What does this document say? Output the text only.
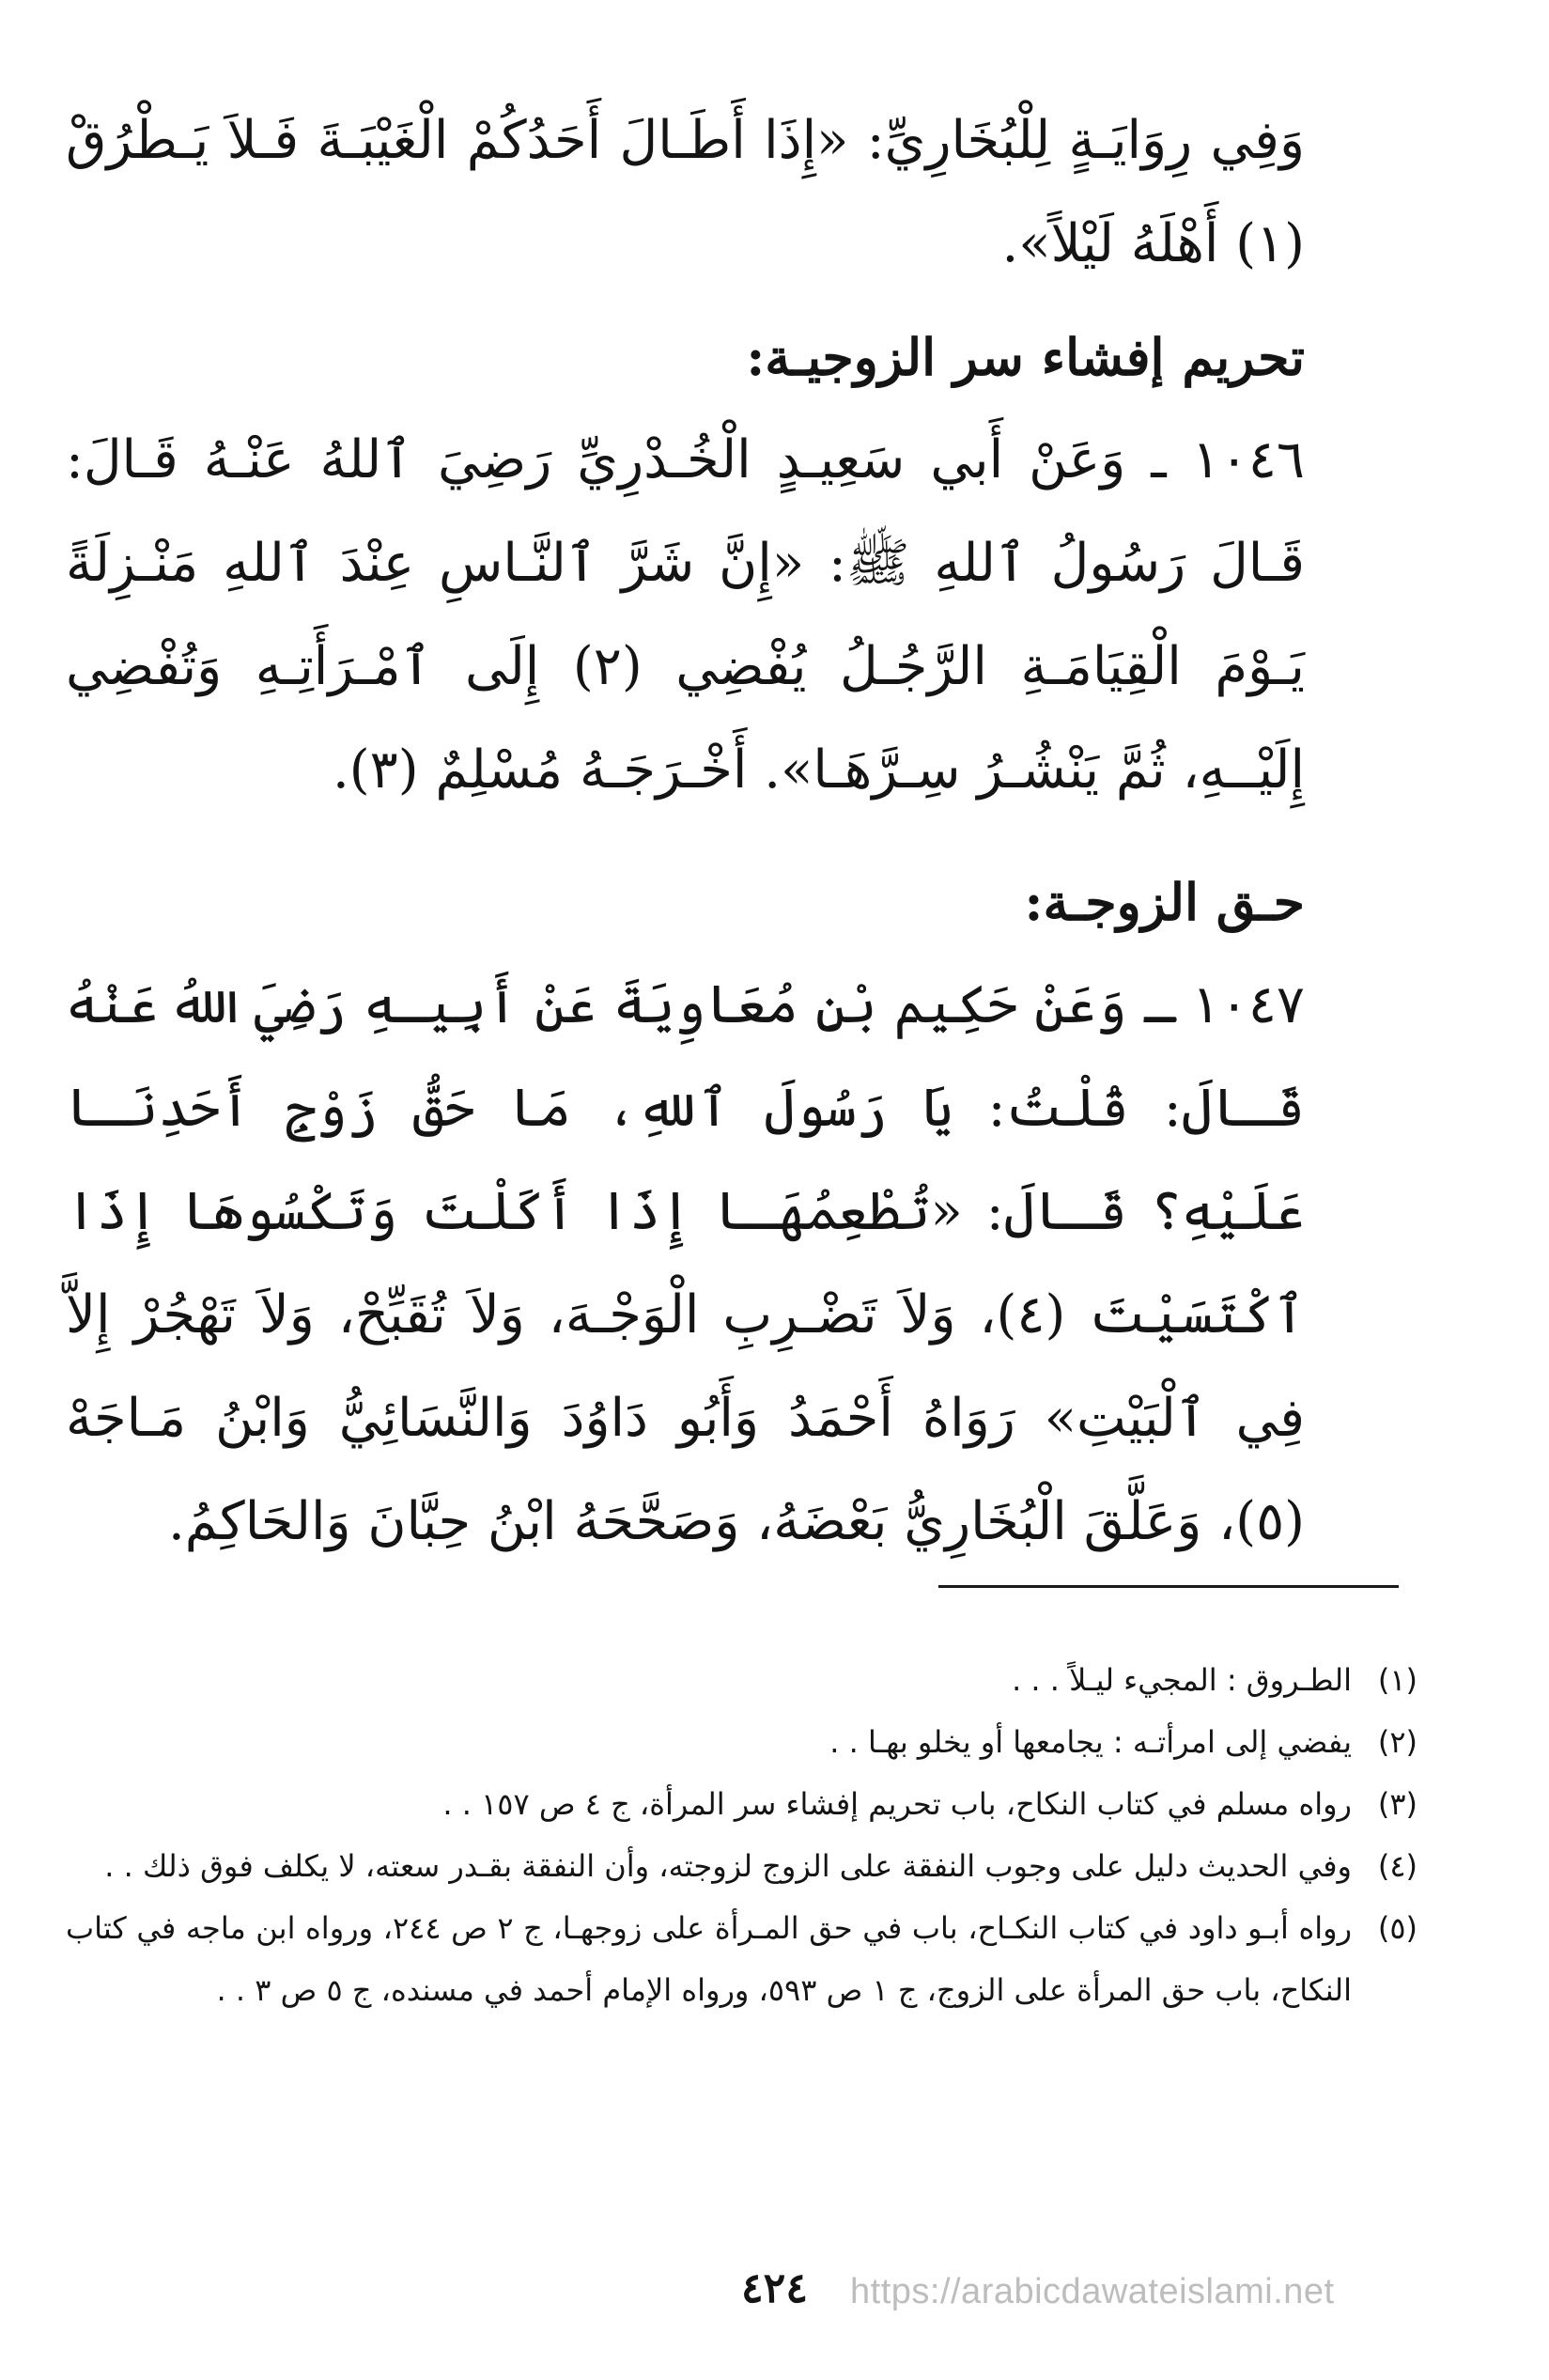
وَفِي رِوَايَـةٍ لِلْبُخَارِيِّ: «إِذَا أَطَـالَ أَحَدُكُمْ الْغَيْبَـةَ فَـلاَ يَـطْرُقْ (١) أَهْلَهُ لَيْلاً».

تحريم إفشاء سر الزوجيـة:

١٠٤٦ ـ وَعَنْ أَبي سَعِيـدٍ الْخُـدْرِيِّ رَضِيَ ٱللهُ عَنْـهُ قَـالَ: قَـالَ رَسُولُ ٱللهِ ﷺ: «إِنَّ شَرَّ ٱلنَّـاسِ عِنْدَ ٱللهِ مَنْـزِلَةً يَـوْمَ الْقِيَامَـةِ الرَّجُـلُ يُفْضِي (٢) إِلَى ٱمْـرَأَتِـهِ وَتُفْضِي إِلَيْــهِ، ثُمَّ يَنْشُـرُ سِـرَّهَـا». أَخْـرَجَـهُ مُسْلِمٌ (٣).

حـق الزوجـة:

١٠٤٧ ـ وَعَنْ حَكِيم بْنِ مُعَاوِيَةَ عَنْ أَبِيـهِ رَضِيَ اللهُ عَنْهُ قَـالَ: قُلْتُ: يَا رَسُولَ ٱللهِ، مَا حَقُّ زَوْجِ أَحَدِنَـا عَلَيْهِ؟ قَـالَ: «تُطْعِمُهَـا إِذَا أَكَلْتَ وَتَكْسُوهَا إِذَا ٱكْتَسَيْتَ (٤)، وَلاَ تَضْـرِبِ الْوَجْـهَ، وَلاَ تُقَبِّحْ، وَلاَ تَهْجُرْ إِلاَّ فِي ٱلْبَيْتِ» رَوَاهُ أَحْمَدُ وَأَبُو دَاوُدَ وَالنَّسَائِيُّ وَابْنُ مَـاجَهْ (٥)، وَعَلَّقَ الْبُخَارِيُّ بَعْضَهُ، وَصَحَّحَهُ ابْنُ حِبَّانَ وَالحَاكِمُ.

(١)
الطـروق : المجيء ليـلاً . . .
(٢)
يفضي إلى امرأتـه : يجامعها أو يخلو بهـا . .
(٣)
رواه مسلم في كتاب النكاح، باب تحريم إفشاء سر المرأة، ج ٤ ص ١٥٧ . .
(٤)
وفي الحديث دليل على وجوب النفقة على الزوج لزوجته، وأن النفقة بقـدر سعته، لا يكلف فوق ذلك . .
(٥)
رواه أبـو داود في كتاب النكـاح، باب في حق المـرأة على زوجهـا، ج ٢ ص ٢٤٤، ورواه ابن ماجه في كتاب النكاح، باب حق المرأة على الزوج، ج ١ ص ٥٩٣، ورواه الإمام أحمد في مسنده، ج ٥ ص ٣ . .
٤٢٤	https://arabicdawateislami.net
